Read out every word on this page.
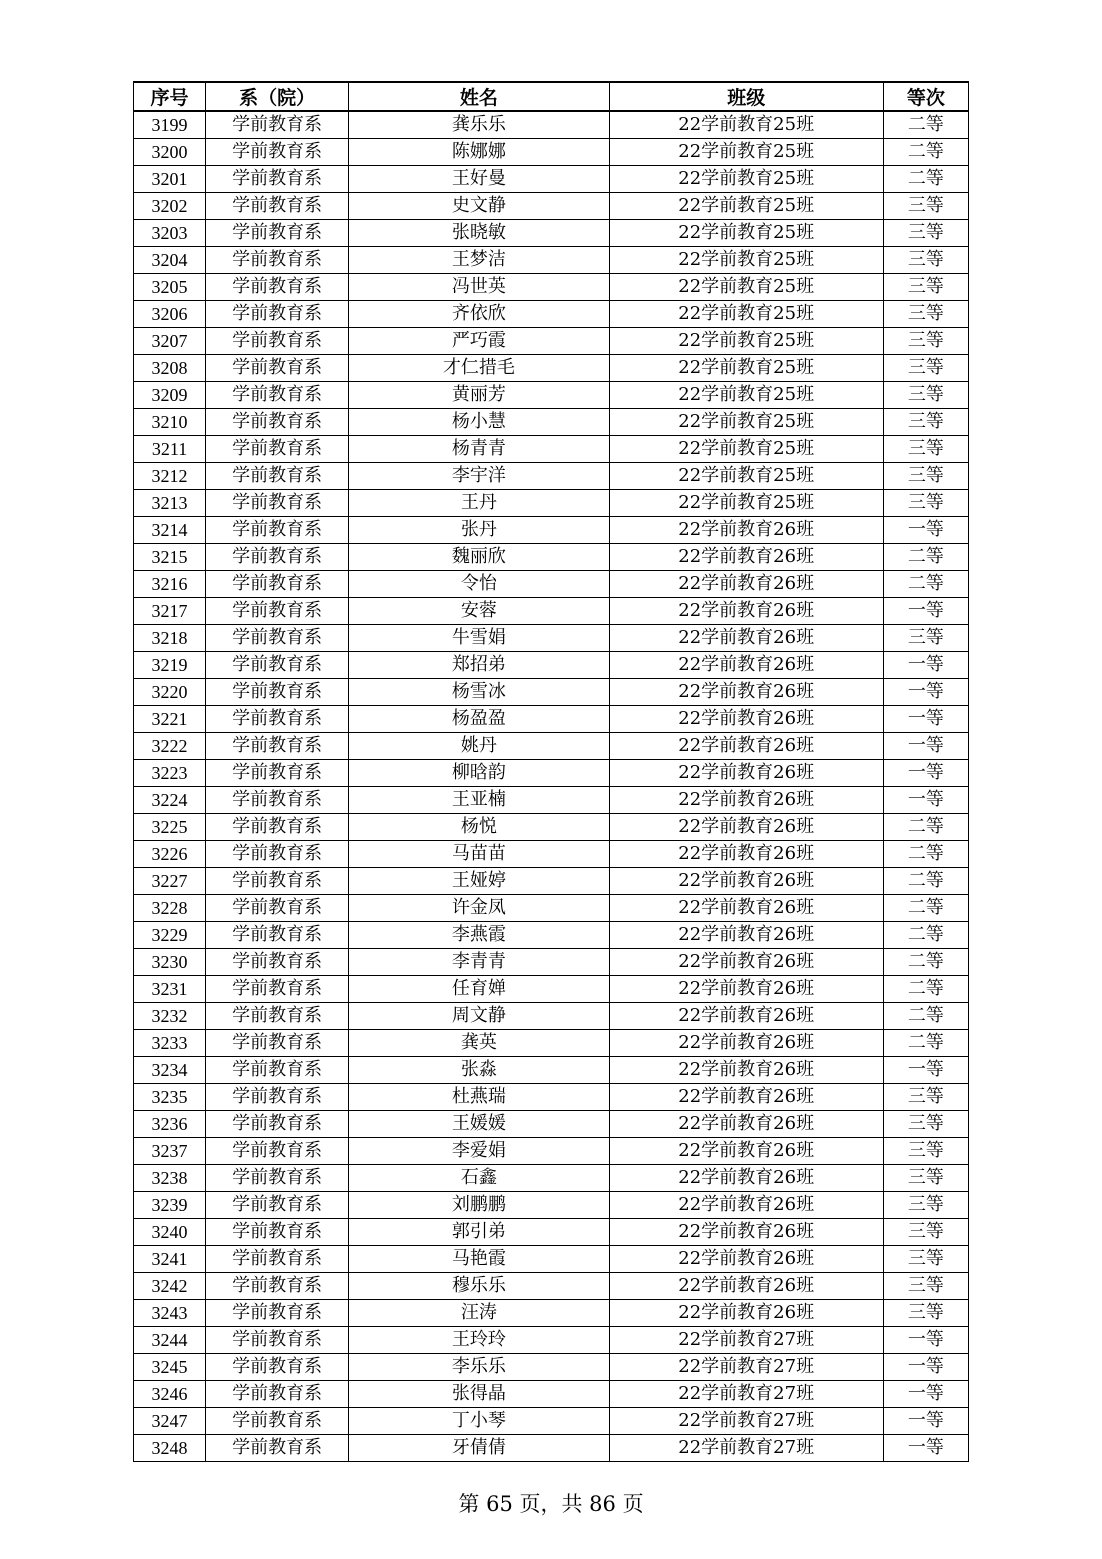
序号	系（院）	姓名	班级	等次
3199	学前教育系	龚乐乐	22学前教育25班	二等
3200	学前教育系	陈娜娜	22学前教育25班	二等
3201	学前教育系	王好曼	22学前教育25班	二等
3202	学前教育系	史文静	22学前教育25班	三等
3203	学前教育系	张晓敏	22学前教育25班	三等
3204	学前教育系	王梦洁	22学前教育25班	三等
3205	学前教育系	冯世英	22学前教育25班	三等
3206	学前教育系	齐依欣	22学前教育25班	三等
3207	学前教育系	严巧霞	22学前教育25班	三等
3208	学前教育系	才仁措毛	22学前教育25班	三等
3209	学前教育系	黄丽芳	22学前教育25班	三等
3210	学前教育系	杨小慧	22学前教育25班	三等
3211	学前教育系	杨青青	22学前教育25班	三等
3212	学前教育系	李宇洋	22学前教育25班	三等
3213	学前教育系	王丹	22学前教育25班	三等
3214	学前教育系	张丹	22学前教育26班	一等
3215	学前教育系	魏丽欣	22学前教育26班	二等
3216	学前教育系	令怡	22学前教育26班	二等
3217	学前教育系	安蓉	22学前教育26班	一等
3218	学前教育系	牛雪娟	22学前教育26班	三等
3219	学前教育系	郑招弟	22学前教育26班	一等
3220	学前教育系	杨雪冰	22学前教育26班	一等
3221	学前教育系	杨盈盈	22学前教育26班	一等
3222	学前教育系	姚丹	22学前教育26班	一等
3223	学前教育系	柳晗韵	22学前教育26班	一等
3224	学前教育系	王亚楠	22学前教育26班	一等
3225	学前教育系	杨悦	22学前教育26班	二等
3226	学前教育系	马苗苗	22学前教育26班	二等
3227	学前教育系	王娅婷	22学前教育26班	二等
3228	学前教育系	许金凤	22学前教育26班	二等
3229	学前教育系	李燕霞	22学前教育26班	二等
3230	学前教育系	李青青	22学前教育26班	二等
3231	学前教育系	任育婵	22学前教育26班	二等
3232	学前教育系	周文静	22学前教育26班	二等
3233	学前教育系	龚英	22学前教育26班	二等
3234	学前教育系	张淼	22学前教育26班	一等
3235	学前教育系	杜燕瑞	22学前教育26班	三等
3236	学前教育系	王媛媛	22学前教育26班	三等
3237	学前教育系	李爱娟	22学前教育26班	三等
3238	学前教育系	石鑫	22学前教育26班	三等
3239	学前教育系	刘鹏鹏	22学前教育26班	三等
3240	学前教育系	郭引弟	22学前教育26班	三等
3241	学前教育系	马艳霞	22学前教育26班	三等
3242	学前教育系	穆乐乐	22学前教育26班	三等
3243	学前教育系	汪涛	22学前教育26班	三等
3244	学前教育系	王玲玲	22学前教育27班	一等
3245	学前教育系	李乐乐	22学前教育27班	一等
3246	学前教育系	张得晶	22学前教育27班	一等
3247	学前教育系	丁小琴	22学前教育27班	一等
3248	学前教育系	牙倩倩	22学前教育27班	一等
第 65 页，共 86 页
